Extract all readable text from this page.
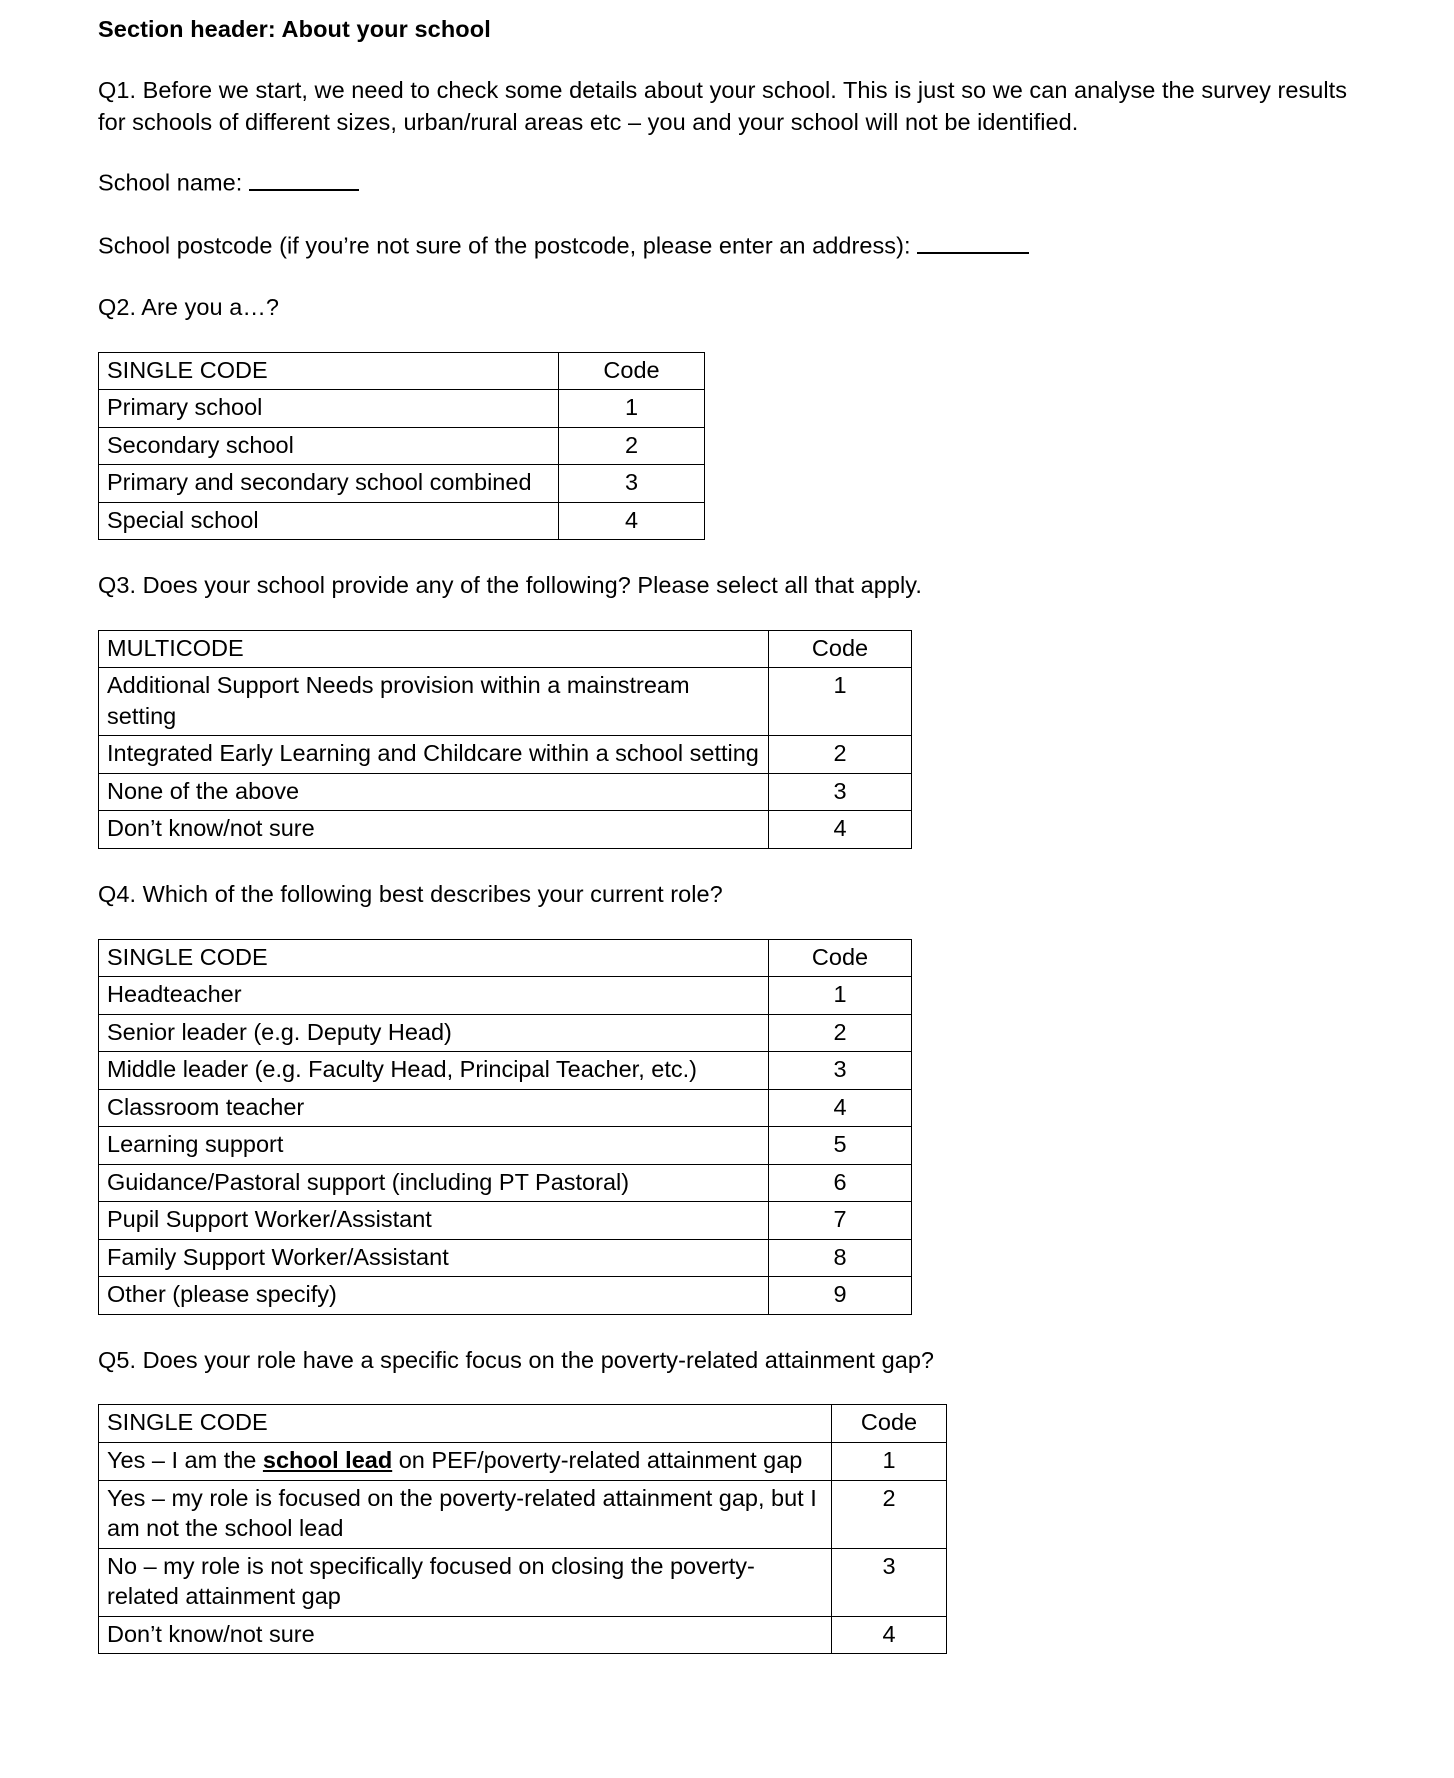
Section header: About your school
Q1. Before we start, we need to check some details about your school. This is just so we can analyse the survey results for schools of different sizes, urban/rural areas etc – you and your school will not be identified.
School name:
School postcode (if you’re not sure of the postcode, please enter an address):
Q2. Are you a…?
SINGLE CODE	Code
Primary school	1
Secondary school	2
Primary and secondary school combined	3
Special school	4
Q3. Does your school provide any of the following? Please select all that apply.
MULTICODE	Code
Additional Support Needs provision within a mainstream setting	1
Integrated Early Learning and Childcare within a school setting	2
None of the above	3
Don’t know/not sure	4
Q4. Which of the following best describes your current role?
SINGLE CODE	Code
Headteacher	1
Senior leader (e.g. Deputy Head)	2
Middle leader (e.g. Faculty Head, Principal Teacher, etc.)	3
Classroom teacher	4
Learning support	5
Guidance/Pastoral support (including PT Pastoral)	6
Pupil Support Worker/Assistant	7
Family Support Worker/Assistant	8
Other (please specify)	9
Q5. Does your role have a specific focus on the poverty-related attainment gap?
SINGLE CODE	Code
Yes – I am the school lead on PEF/poverty-related attainment gap	1
Yes – my role is focused on the poverty-related attainment gap, but I am not the school lead	2
No – my role is not specifically focused on closing the poverty-related attainment gap	3
Don’t know/not sure	4
